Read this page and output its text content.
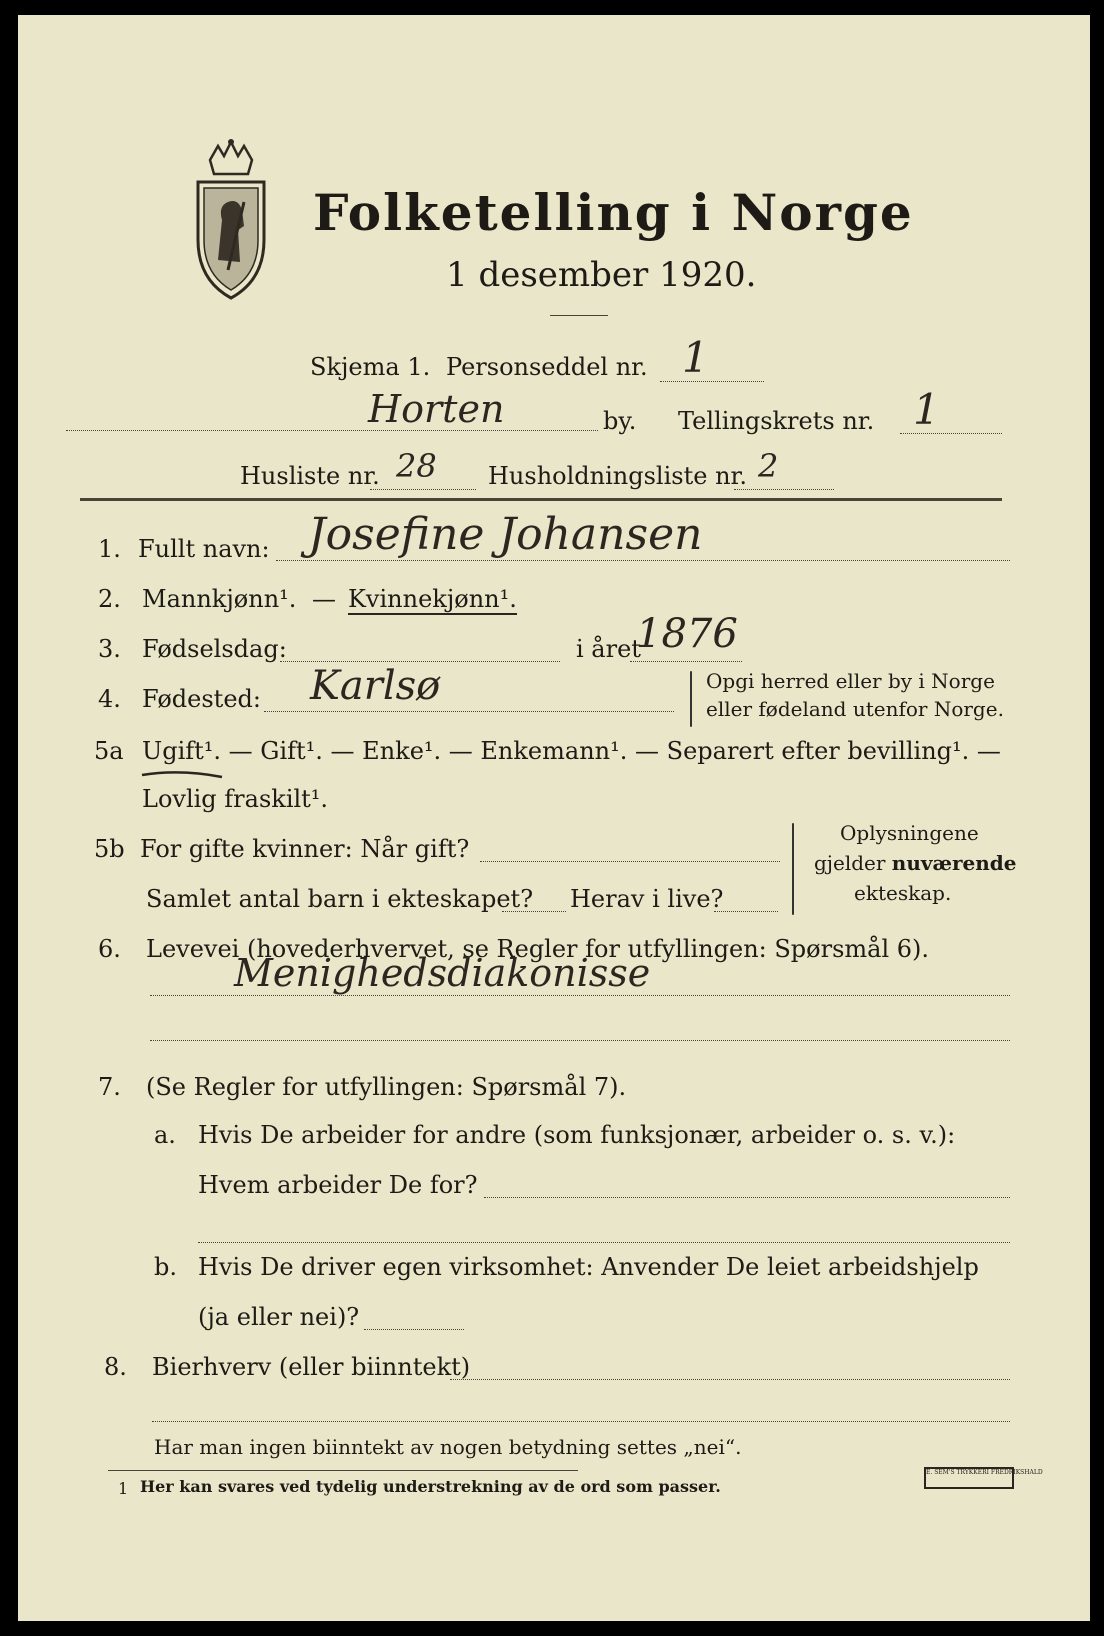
Folketelling i Norge
1 desember 1920.
Skjema 1. Personseddel nr. 1
Horten	by. Tellingskrets nr. 1
Husliste nr. 28 Husholdningsliste nr. 2
1. Fullt navn: Josefine Johansen
2. Mannkjønn¹. — Kvinnekjønn¹.
3. Fødselsdag:	i året
1876
4. Fødested: Karlsø	Opgi herred eller by i Norge
eller fødeland utenfor Norge.
5a Ugift¹. — Gift¹. — Enke¹. — Enkemann¹. — Separert efter bevilling¹. —
Lovlig fraskilt¹.
5b For gifte kvinner: Når gift?
Samlet antal barn i ekteskapet? Herav i live?
Oplysningene
gjelder nuværende
ekteskap.
6. Levevei (hovederhvervet, se Regler for utfyllingen: Spørsmål 6).
Menighedsdiakonisse
7. (Se Regler for utfyllingen: Spørsmål 7).
a. Hvis De arbeider for andre (som funksjonær, arbeider o. s. v.):
Hvem arbeider De for?
b. Hvis De driver egen virksomhet: Anvender De leiet arbeidshjelp
(ja eller nei)?
8. Bierhverv (eller biinntekt)
Har man ingen biinntekt av nogen betydning settes „nei“.
1 Her kan svares ved tydelig understrekning av de ord som passer.
E. SEM'S TRYKKERI FREDRIKSHALD
